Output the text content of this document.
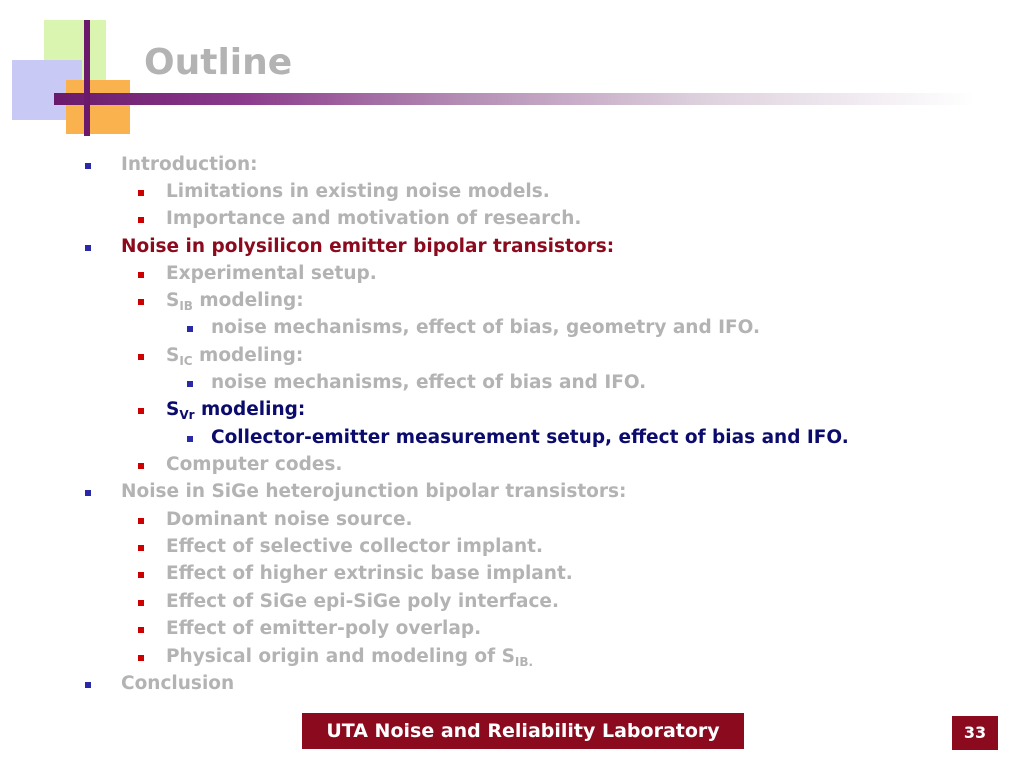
Outline
Introduction:
Limitations in existing noise models.
Importance and motivation of research.
Noise in polysilicon emitter bipolar transistors:
Experimental setup.
$S_{IB}$ modeling:
noise mechanisms, effect of bias, geometry and IFO.
$S_{IC}$ modeling:
noise mechanisms, effect of bias and IFO.
$S_{Vr}$ modeling:
Collector-emitter measurement setup, effect of bias and IFO.
Computer codes.
Noise in SiGe heterojunction bipolar transistors:
Dominant noise source.
Effect of selective collector implant.
Effect of higher extrinsic base implant.
Effect of SiGe epi-SiGe poly interface.
Effect of emitter-poly overlap.
Physical origin and modeling of $S_{IB.}$
Conclusion
UTA Noise and Reliability Laboratory	33
